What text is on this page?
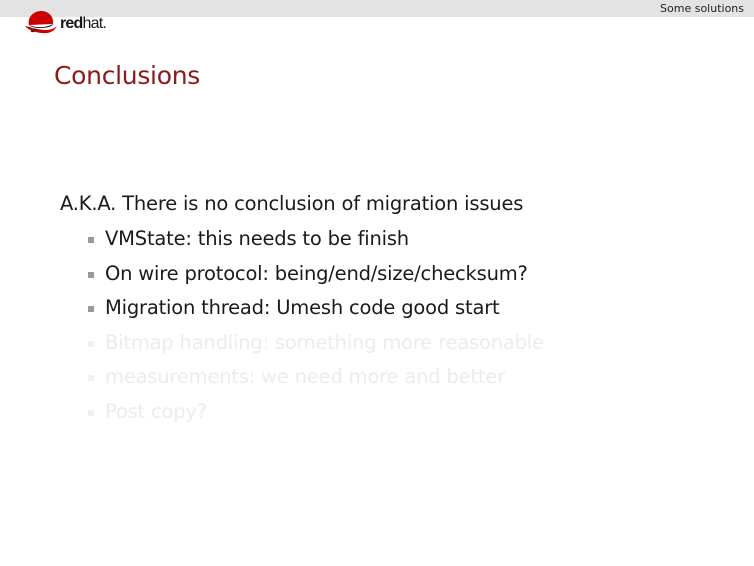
Some solutions
redhat.
Conclusions
A.K.A. There is no conclusion of migration issues
VMState: this needs to be finish
On wire protocol: being/end/size/checksum?
Migration thread: Umesh code good start
Bitmap handling: something more reasonable
measurements: we need more and better
Post copy?
